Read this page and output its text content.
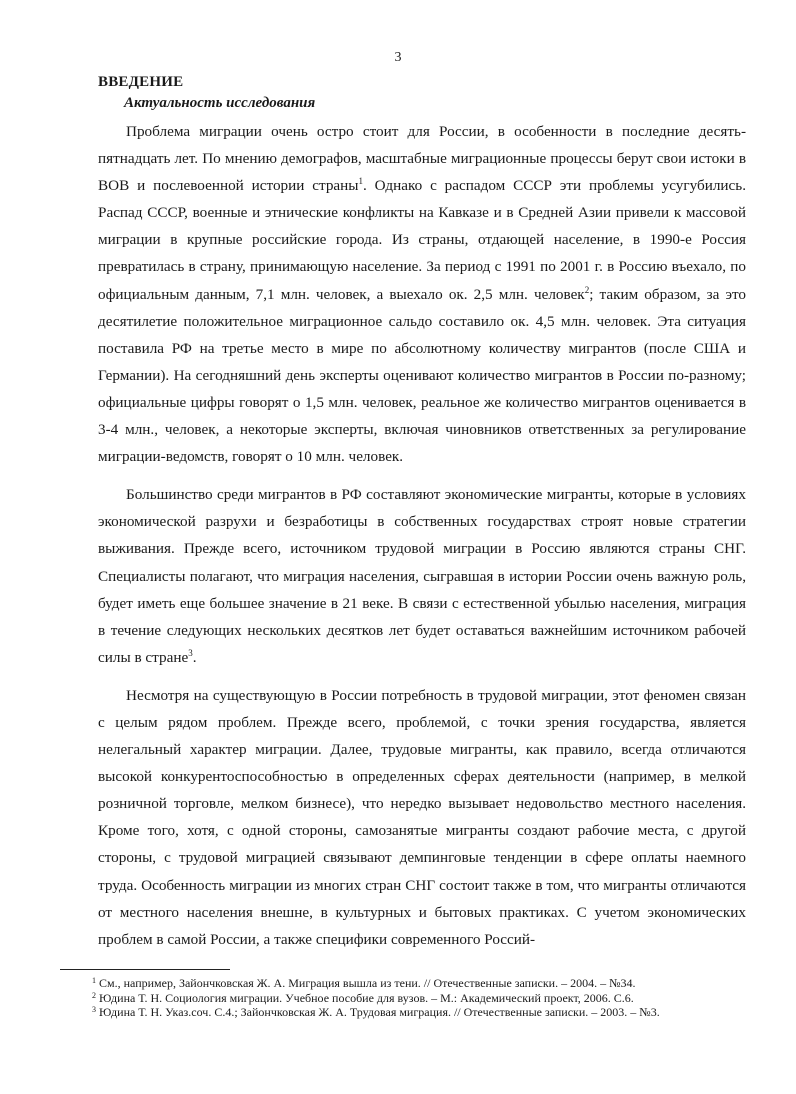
3
ВВЕДЕНИЕ
Актуальность исследования

Проблема миграции очень остро стоит для России, в особенности в последние десять-пятнадцать лет. По мнению демографов, масштабные миграционные процессы берут свои истоки в ВОВ и послевоенной истории страны$^1$. Однако с распадом СССР эти проблемы усугубились. Распад СССР, военные и этнические конфликты на Кавказе и в Средней Азии привели к массовой миграции в крупные российские города. Из страны, отдающей население, в 1990-е Россия превратилась в страну, принимающую население. За период с 1991 по 2001 г. в Россию въехало, по официальным данным, 7,1 млн. человек, а выехало ок. 2,5 млн. человек$^2$; таким образом, за это десятилетие положительное миграционное сальдо составило ок. 4,5 млн. человек. Эта ситуация поставила РФ на третье место в мире по абсолютному количеству мигрантов (после США и Германии). На сегодняшний день эксперты оценивают количество мигрантов в России по-разному; официальные цифры говорят о 1,5 млн. человек, реальное же количество мигрантов оценивается в 3-4 млн., человек, а некоторые эксперты, включая чиновников ответственных за регулирование миграции-ведомств, говорят о 10 млн. человек.

Большинство среди мигрантов в РФ составляют экономические мигранты, которые в условиях экономической разрухи и безработицы в собственных государствах строят новые стратегии выживания. Прежде всего, источником трудовой миграции в Россию являются страны СНГ. Специалисты полагают, что миграция населения, сыгравшая в истории России очень важную роль, будет иметь еще большее значение в 21 веке. В связи с естественной убылью населения, миграция в течение следующих нескольких десятков лет будет оставаться важнейшим источником рабочей силы в стране$^3$.

Несмотря на существующую в России потребность в трудовой миграции, этот феномен связан с целым рядом проблем. Прежде всего, проблемой, с точки зрения государства, является нелегальный характер миграции. Далее, трудовые мигранты, как правило, всегда отличаются высокой конкурентоспособностью в определенных сферах деятельности (например, в мелкой розничной торговле, мелком бизнесе), что нередко вызывает недовольство местного населения. Кроме того, хотя, с одной стороны, самозанятые мигранты создают рабочие места, с другой стороны, с трудовой миграцией связывают демпинговые тенденции в сфере оплаты наемного труда. Особенность миграции из многих стран СНГ состоит также в том, что мигранты отличаются от местного населения внешне, в культурных и бытовых практиках. С учетом экономических проблем в самой России, а также специфики современного Россий-

$^1$ См., например, Зайончковская Ж. А. Миграция вышла из тени. // Отечественные записки. – 2004. – №34.
$^2$ Юдина Т. Н. Социология миграции. Учебное пособие для вузов. – М.: Академический проект, 2006. С.6.
$^3$ Юдина Т. Н. Указ.соч. С.4.; Зайончковская Ж. А. Трудовая миграция. // Отечественные записки. – 2003. – №3.
